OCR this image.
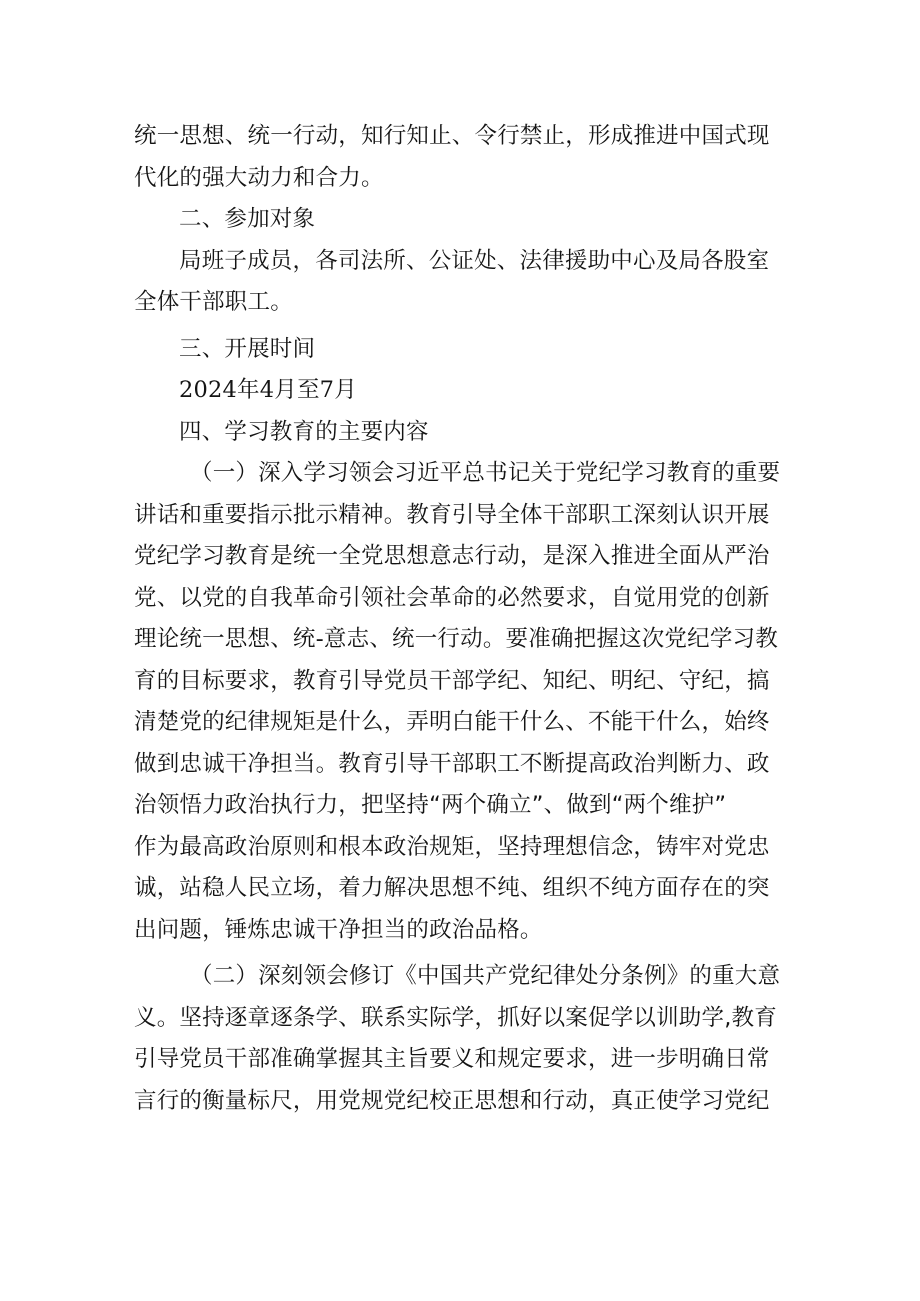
统一思想、统一行动，知行知止、令行禁止，形成推进中国式现
代化的强大动力和合力。
二、参加对象
局班子成员，各司法所、公证处、法律援助中心及局各股室
全体干部职工。
三、开展时间
2024年4月至7月
四、学习教育的主要内容
（一）深入学习领会习近平总书记关于党纪学习教育的重要
讲话和重要指示批示精神。教育引导全体干部职工深刻认识开展
党纪学习教育是统一全党思想意志行动，是深入推进全面从严治
党、以党的自我革命引领社会革命的必然要求，自觉用党的创新
理论统一思想、统-意志、统一行动。要准确把握这次党纪学习教
育的目标要求，教育引导党员干部学纪、知纪、明纪、守纪，搞
清楚党的纪律规矩是什么，弄明白能干什么、不能干什么，始终
做到忠诚干净担当。教育引导干部职工不断提高政治判断力、政
治领悟力政治执行力，把坚持“两个确立”、做到“两个维护”
作为最高政治原则和根本政治规矩，坚持理想信念，铸牢对党忠
诚，站稳人民立场，着力解决思想不纯、组织不纯方面存在的突
出问题，锤炼忠诚干净担当的政治品格。
（二）深刻领会修订《中国共产党纪律处分条例》的重大意
义。坚持逐章逐条学、联系实际学，抓好以案促学以训助学,教育
引导党员干部准确掌握其主旨要义和规定要求，进一步明确日常
言行的衡量标尺，用党规党纪校正思想和行动，真正使学习党纪
